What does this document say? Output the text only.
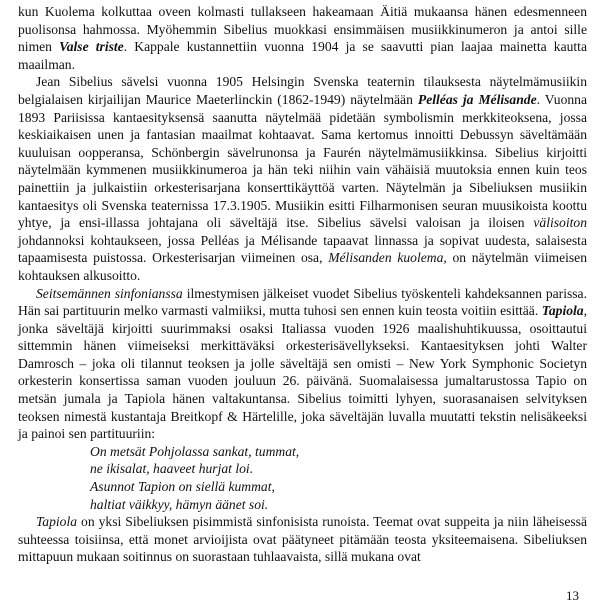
kun Kuolema kolkuttaa oveen kolmasti tullakseen hakeamaan Äitiä mukaansa hänen edesmenneen puolisonsa hahmossa. Myöhemmin Sibelius muokkasi ensimmäisen musiikkinumeron ja antoi sille nimen Valse triste. Kappale kustannettiin vuonna 1904 ja se saavutti pian laajaa mainetta kautta maailman.

Jean Sibelius sävelsi vuonna 1905 Helsingin Svenska teaternin tilauksesta näytelmämusiikin belgialaisen kirjailijan Maurice Maeterlinckin (1862-1949) näytelmään Pelléas ja Mélisande. Vuonna 1893 Pariisissa kantaesityksensä saanutta näytelmää pidetään symbolismin merkkiteoksena, jossa keskiaikaisen unen ja fantasian maailmat kohtaavat. Sama kertomus innoitti Debussyn säveltämään kuuluisan oopperansa, Schönbergin sävelrunonsa ja Faurén näytelmämusiikkinsa. Sibelius kirjoitti näytelmään kymmenen musiikkinumeroa ja hän teki niihin vain vähäisiä muutoksia ennen kuin teos painettiin ja julkaistiin orkesterisarjana konserttikäyttöä varten. Näytelmän ja Sibeliuksen musiikin kantaesitys oli Svenska teaternissa 17.3.1905. Musiikin esitti Filharmonisen seuran muusikoista koottu yhtye, ja ensi-illassa johtajana oli säveltäjä itse. Sibelius sävelsi valoisan ja iloisen välisoiton johdannoksi kohtaukseen, jossa Pelléas ja Mélisande tapaavat linnassa ja sopivat uudesta, salaisesta tapaamisesta puistossa. Orkesterisarjan viimeinen osa, Mélisanden kuolema, on näytelmän viimeisen kohtauksen alkusoitto.

Seitsemännen sinfonianssa ilmestymisen jälkeiset vuodet Sibelius työskenteli kahdeksannen parissa. Hän sai partituurin melko varmasti valmiiksi, mutta tuhosi sen ennen kuin teosta voitiin esittää. Tapiola, jonka säveltäjä kirjoitti suurimmaksi osaksi Italiassa vuoden 1926 maalishuhtikuussa, osoittautui sittemmin hänen viimeiseksi merkittäväksi orkesterisävellykseksi. Kantaesityksen johti Walter Damrosch – joka oli tilannut teoksen ja jolle säveltäjä sen omisti – New York Symphonic Societyn orkesterin konsertissa saman vuoden jouluun 26. päivänä. Suomalaisessa jumaltarustossa Tapio on metsän jumala ja Tapiola hänen valtakuntansa. Sibelius toimitti lyhyen, suorasanaisen selvityksen teoksen nimestä kustantaja Breitkopf & Härtelille, joka säveltäjän luvalla muutatti tekstin nelisäkeeksi ja painoi sen partituuriin:

On metsät Pohjolassa sankat, tummat,
ne ikisalat, haaveet hurjat loi.
Asunnot Tapion on siellä kummat,
haltiat väikkyy, hämyn äänet soi.

Tapiola on yksi Sibeliuksen pisimmistä sinfonisista runoista. Teemat ovat suppeita ja niin läheisessä suhteessa toisiinsa, että monet arvioijista ovat päätyneet pitämään teosta yksiteemaisena. Sibeliuksen mittapuun mukaan soitinnus on suorastaan tuhlaavaista, sillä mukana ovat

13
